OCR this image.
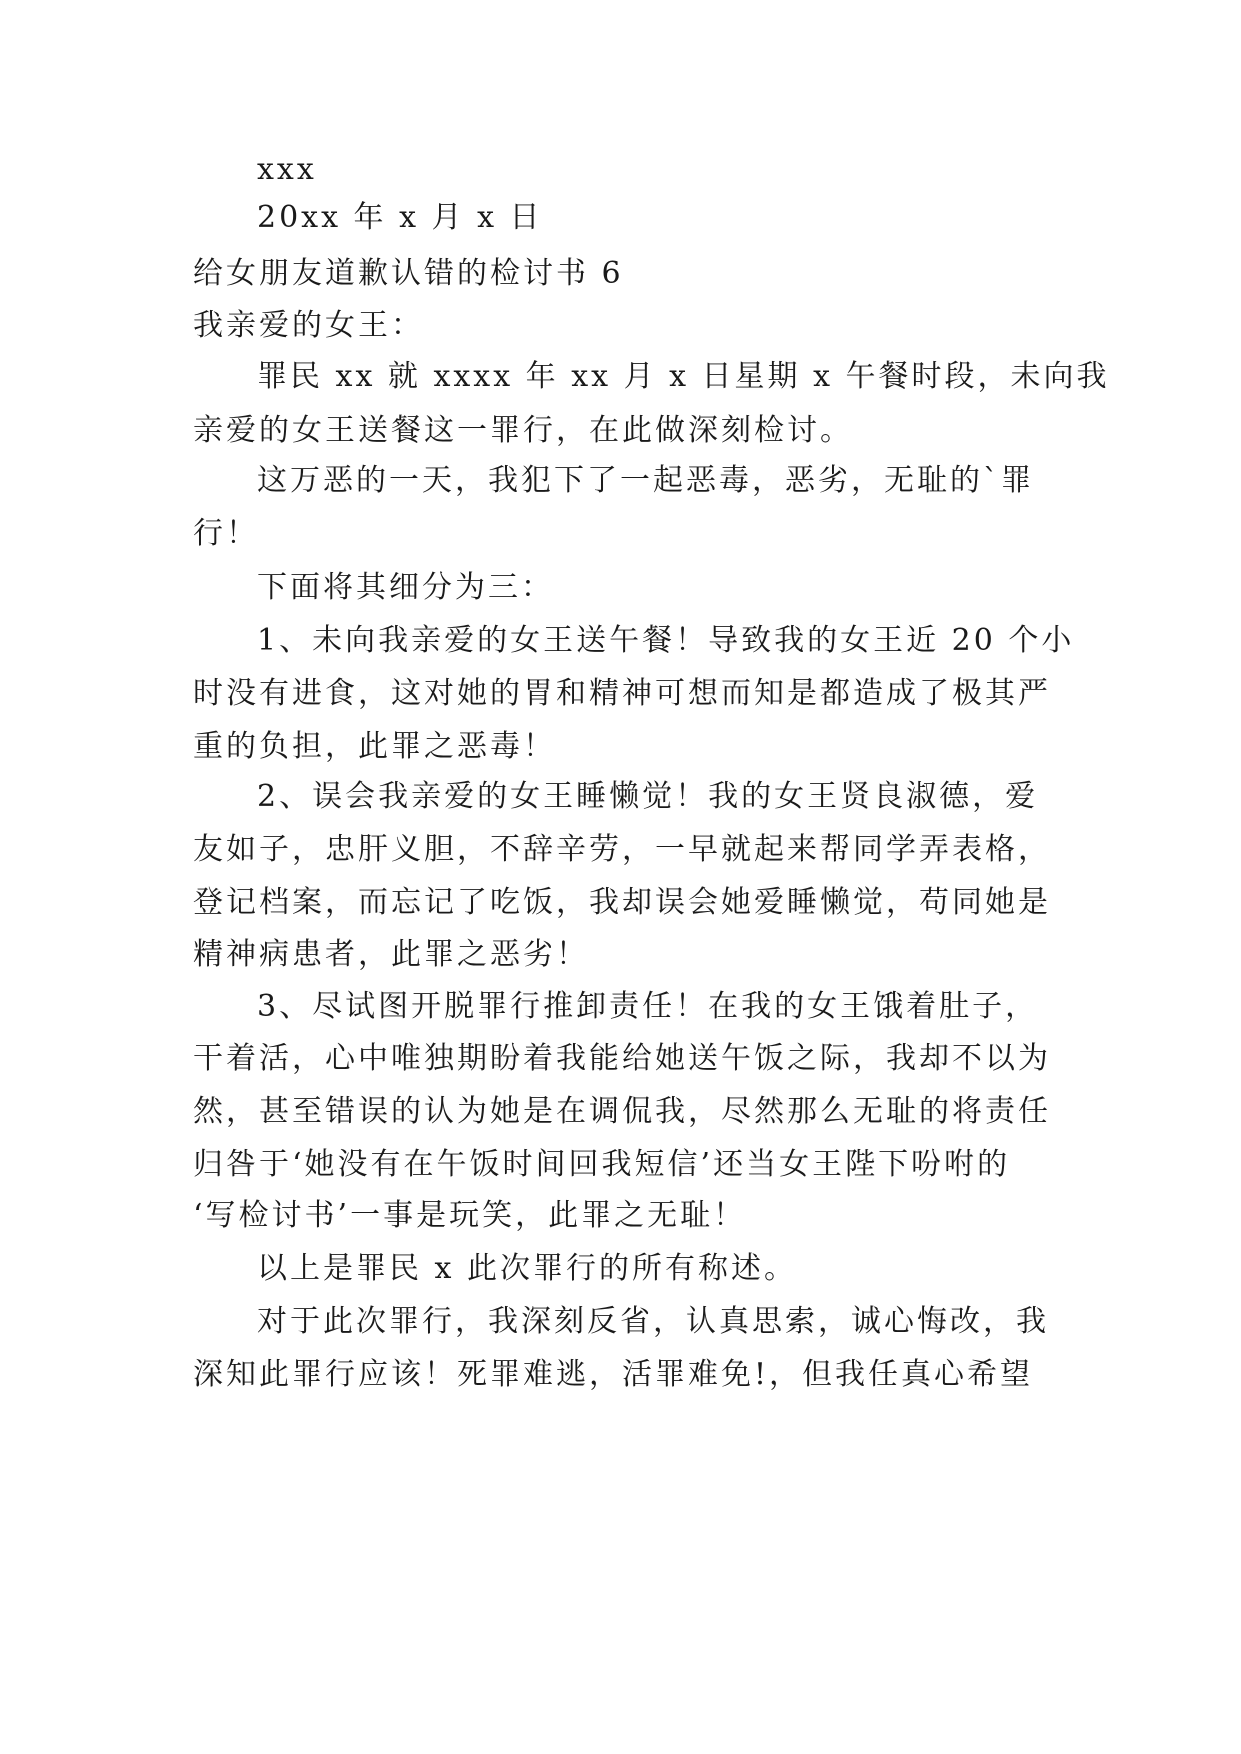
xxx
20xx 年 x 月 x 日
给女朋友道歉认错的检讨书 6
我亲爱的女王：
罪民 xx 就 xxxx 年 xx 月 x 日星期 x 午餐时段，未向我
亲爱的女王送餐这一罪行，在此做深刻检讨。
这万恶的一天，我犯下了一起恶毒，恶劣，无耻的`罪
行！
下面将其细分为三：
1、未向我亲爱的女王送午餐！导致我的女王近 20 个小
时没有进食，这对她的胃和精神可想而知是都造成了极其严
重的负担，此罪之恶毒！
2、误会我亲爱的女王睡懒觉！我的女王贤良淑德，爱
友如子，忠肝义胆，不辞辛劳，一早就起来帮同学弄表格，
登记档案，而忘记了吃饭，我却误会她爱睡懒觉，苟同她是
精神病患者，此罪之恶劣！
3、尽试图开脱罪行推卸责任！在我的女王饿着肚子，
干着活，心中唯独期盼着我能给她送午饭之际，我却不以为
然，甚至错误的认为她是在调侃我，尽然那么无耻的将责任
归咎于‘她没有在午饭时间回我短信’还当女王陛下吩咐的
‘写检讨书’一事是玩笑，此罪之无耻！
以上是罪民 x 此次罪行的所有称述。
对于此次罪行，我深刻反省，认真思索，诚心悔改，我
深知此罪行应该！死罪难逃，活罪难免!，但我任真心希望
